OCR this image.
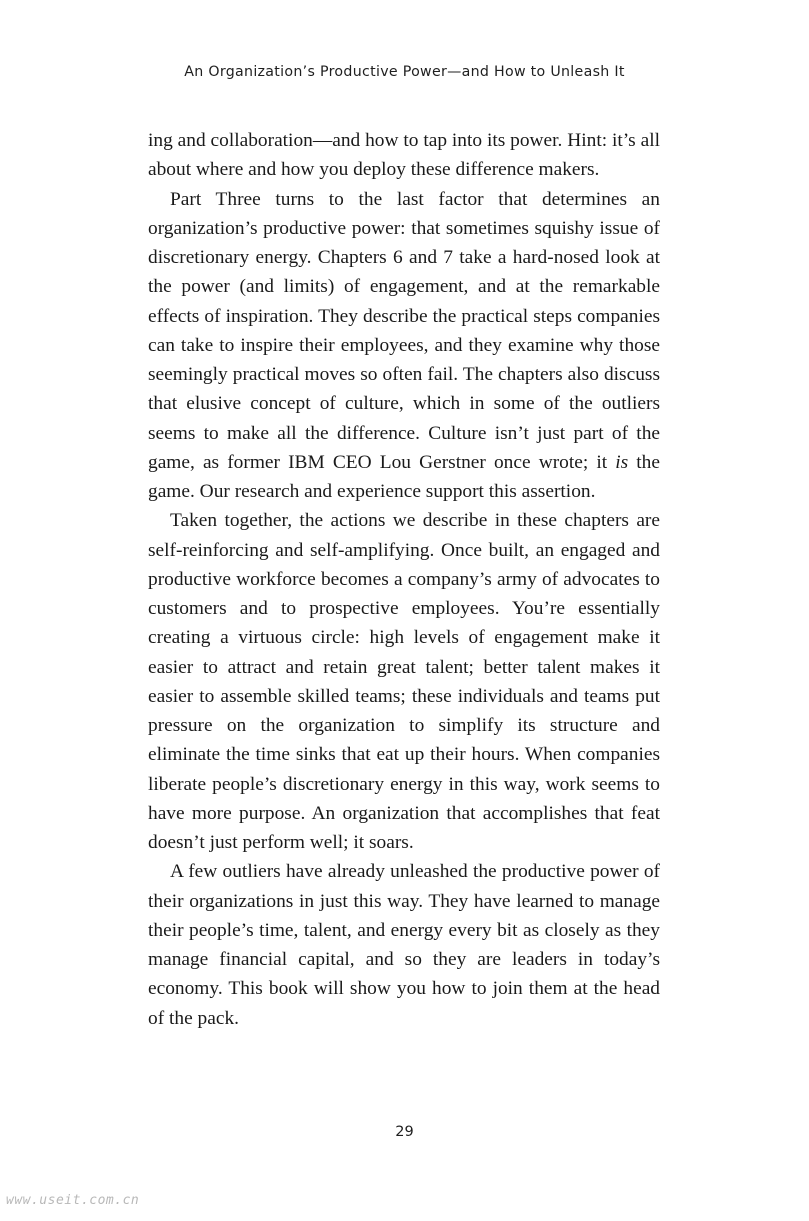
An Organization’s Productive Power—and How to Unleash It

ing and collaboration—and how to tap into its power. Hint: it’s all about where and how you deploy these difference makers.

Part Three turns to the last factor that determines an organization’s productive power: that sometimes squishy issue of discretionary energy. Chapters 6 and 7 take a hard-nosed look at the power (and limits) of engagement, and at the remarkable effects of inspiration. They describe the practical steps companies can take to inspire their employees, and they examine why those seemingly practical moves so often fail. The chapters also discuss that elusive concept of culture, which in some of the outliers seems to make all the difference. Culture isn’t just part of the game, as former IBM CEO Lou Gerstner once wrote; it is the game. Our research and experience support this assertion.

Taken together, the actions we describe in these chapters are self-reinforcing and self-amplifying. Once built, an engaged and productive workforce becomes a company’s army of advocates to customers and to prospective employees. You’re essentially creating a virtuous circle: high levels of engagement make it easier to attract and retain great talent; better talent makes it easier to assemble skilled teams; these individuals and teams put pressure on the organization to simplify its structure and eliminate the time sinks that eat up their hours. When companies liberate people’s discretionary energy in this way, work seems to have more purpose. An organization that accomplishes that feat doesn’t just perform well; it soars.

A few outliers have already unleashed the productive power of their organizations in just this way. They have learned to manage their people’s time, talent, and energy every bit as closely as they manage financial capital, and so they are leaders in today’s economy. This book will show you how to join them at the head of the pack.

29
www.useit.com.cn
